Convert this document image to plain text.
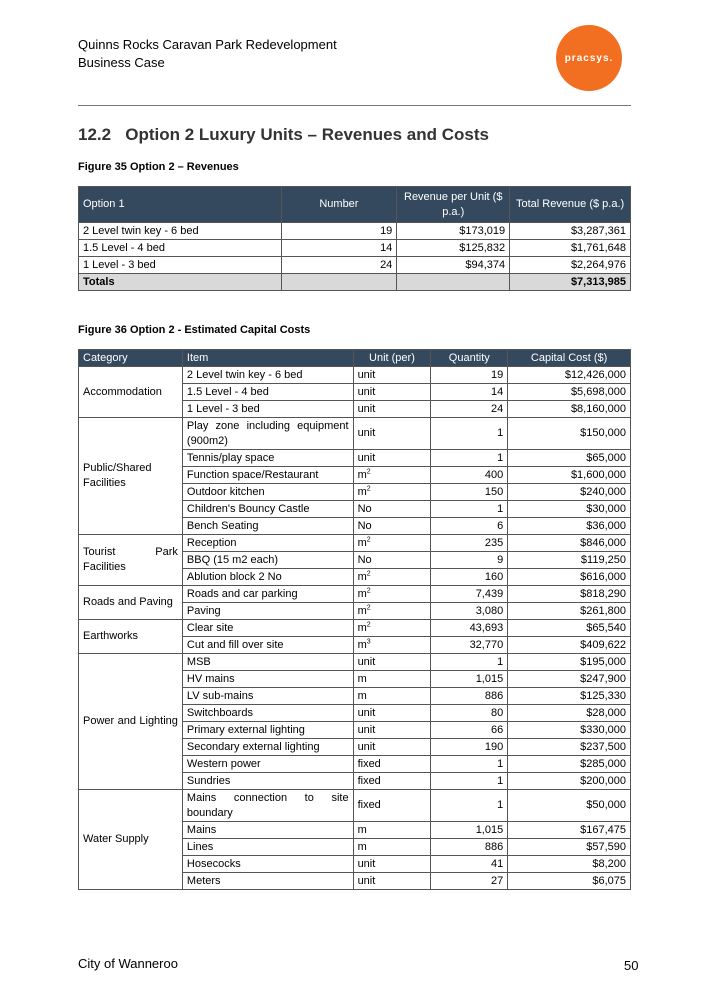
Quinns Rocks Caravan Park Redevelopment
Business Case	pracsys.
12.2   Option 2 Luxury Units – Revenues and Costs
Figure 35 Option 2 – Revenues
Option 1	Number	Revenue per Unit ($ p.a.)	Total Revenue ($ p.a.)
2 Level twin key - 6 bed	19	$173,019	$3,287,361
1.5 Level - 4 bed	14	$125,832	$1,761,648
1 Level - 3 bed	24	$94,374	$2,264,976
Totals			$7,313,985
Figure 36 Option 2 - Estimated Capital Costs
Category	Item	Unit (per)	Quantity	Capital Cost ($)
Accommodation	2 Level twin key - 6 bed	unit	19	$12,426,000
	1.5 Level - 4 bed	unit	14	$5,698,000
	1 Level - 3 bed	unit	24	$8,160,000
Public/Shared Facilities	Play zone including equipment (900m2)	unit	1	$150,000
	Tennis/play space	unit	1	$65,000
	Function space/Restaurant	$m^2$	400	$1,600,000
	Outdoor kitchen	$m^2$	150	$240,000
	Children's Bouncy Castle	No	1	$30,000
	Bench Seating	No	6	$36,000
Tourist Park Facilities	Reception	$m^2$	235	$846,000
	BBQ (15 m2 each)	No	9	$119,250
	Ablution block 2 No	$m^2$	160	$616,000
Roads and Paving	Roads and car parking	$m^2$	7,439	$818,290
	Paving	$m^2$	3,080	$261,800
Earthworks	Clear site	$m^2$	43,693	$65,540
	Cut and fill over site	$m^3$	32,770	$409,622
Power and Lighting	MSB	unit	1	$195,000
	HV mains	m	1,015	$247,900
	LV sub-mains	m	886	$125,330
	Switchboards	unit	80	$28,000
	Primary external lighting	unit	66	$330,000
	Secondary external lighting	unit	190	$237,500
	Western power	fixed	1	$285,000
	Sundries	fixed	1	$200,000
Water Supply	Mains connection to site boundary	fixed	1	$50,000
	Mains	m	1,015	$167,475
	Lines	m	886	$57,590
	Hosecocks	unit	41	$8,200
	Meters	unit	27	$6,075
City of Wanneroo	50
